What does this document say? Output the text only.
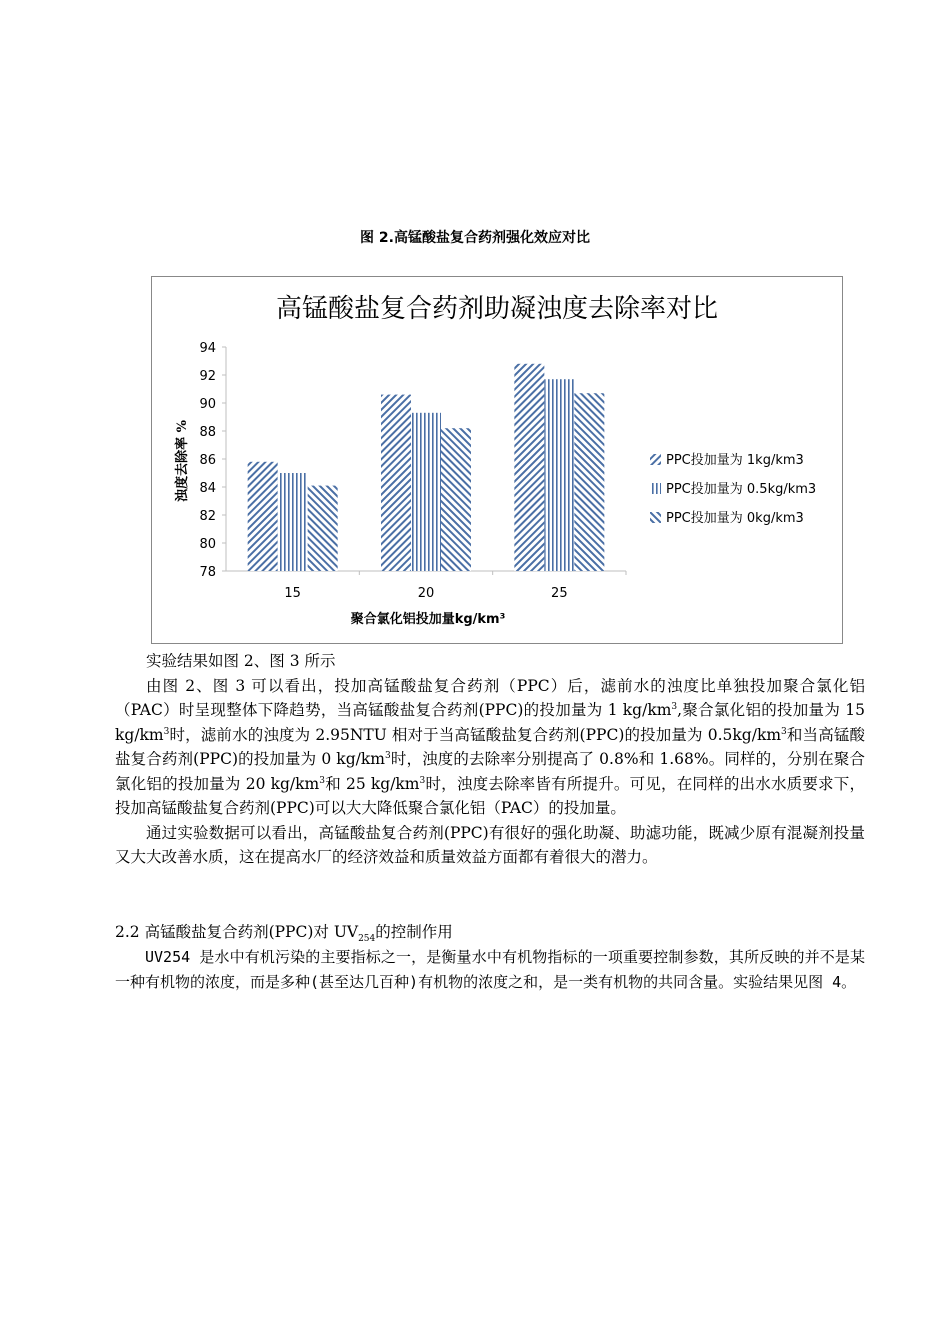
图 2.高锰酸盐复合药剂强化效应对比
高锰酸盐复合药剂助凝浊度去除率对比
94
92
90
88
86
84
82
80
78
15	20	25
浊度去除率 %
聚合氯化铝投加量kg/km³
PPC投加量为 1kg/km3
PPC投加量为 0.5kg/km3
PPC投加量为 0kg/km3

实验结果如图 2、图 3 所示

由图 2、图 3 可以看出，投加高锰酸盐复合药剂（PPC）后，滤前水的浊度比单独投加聚合氯化铝（PAC）时呈现整体下降趋势，当高锰酸盐复合药剂(PPC)的投加量为 1 $kg/km^3$,聚合氯化铝的投加量为 15 $kg/km^3$时，滤前水的浊度为 2.95NTU 相对于当高锰酸盐复合药剂(PPC)的投加量为 $0.5kg/km^3$和当高锰酸盐复合药剂(PPC)的投加量为 0 $kg/km^3$时，浊度的去除率分别提高了 0.8%和 1.68%。同样的，分别在聚合氯化铝的投加量为 20 $kg/km^3$和 25 $kg/km^3$时，浊度去除率皆有所提升。可见，在同样的出水水质要求下，投加高锰酸盐复合药剂(PPC)可以大大降低聚合氯化铝（PAC）的投加量。

通过实验数据可以看出，高锰酸盐复合药剂(PPC)有很好的强化助凝、助滤功能，既减少原有混凝剂投量又大大改善水质，这在提高水厂的经济效益和质量效益方面都有着很大的潜力。

2.2 高锰酸盐复合药剂(PPC)对 $UV_{254}$的控制作用

UV254 是水中有机污染的主要指标之一，是衡量水中有机物指标的一项重要控制参数，其所反映的并不是某一种有机物的浓度，而是多种(甚至达几百种)有机物的浓度之和，是一类有机物的共同含量。实验结果见图 4。
